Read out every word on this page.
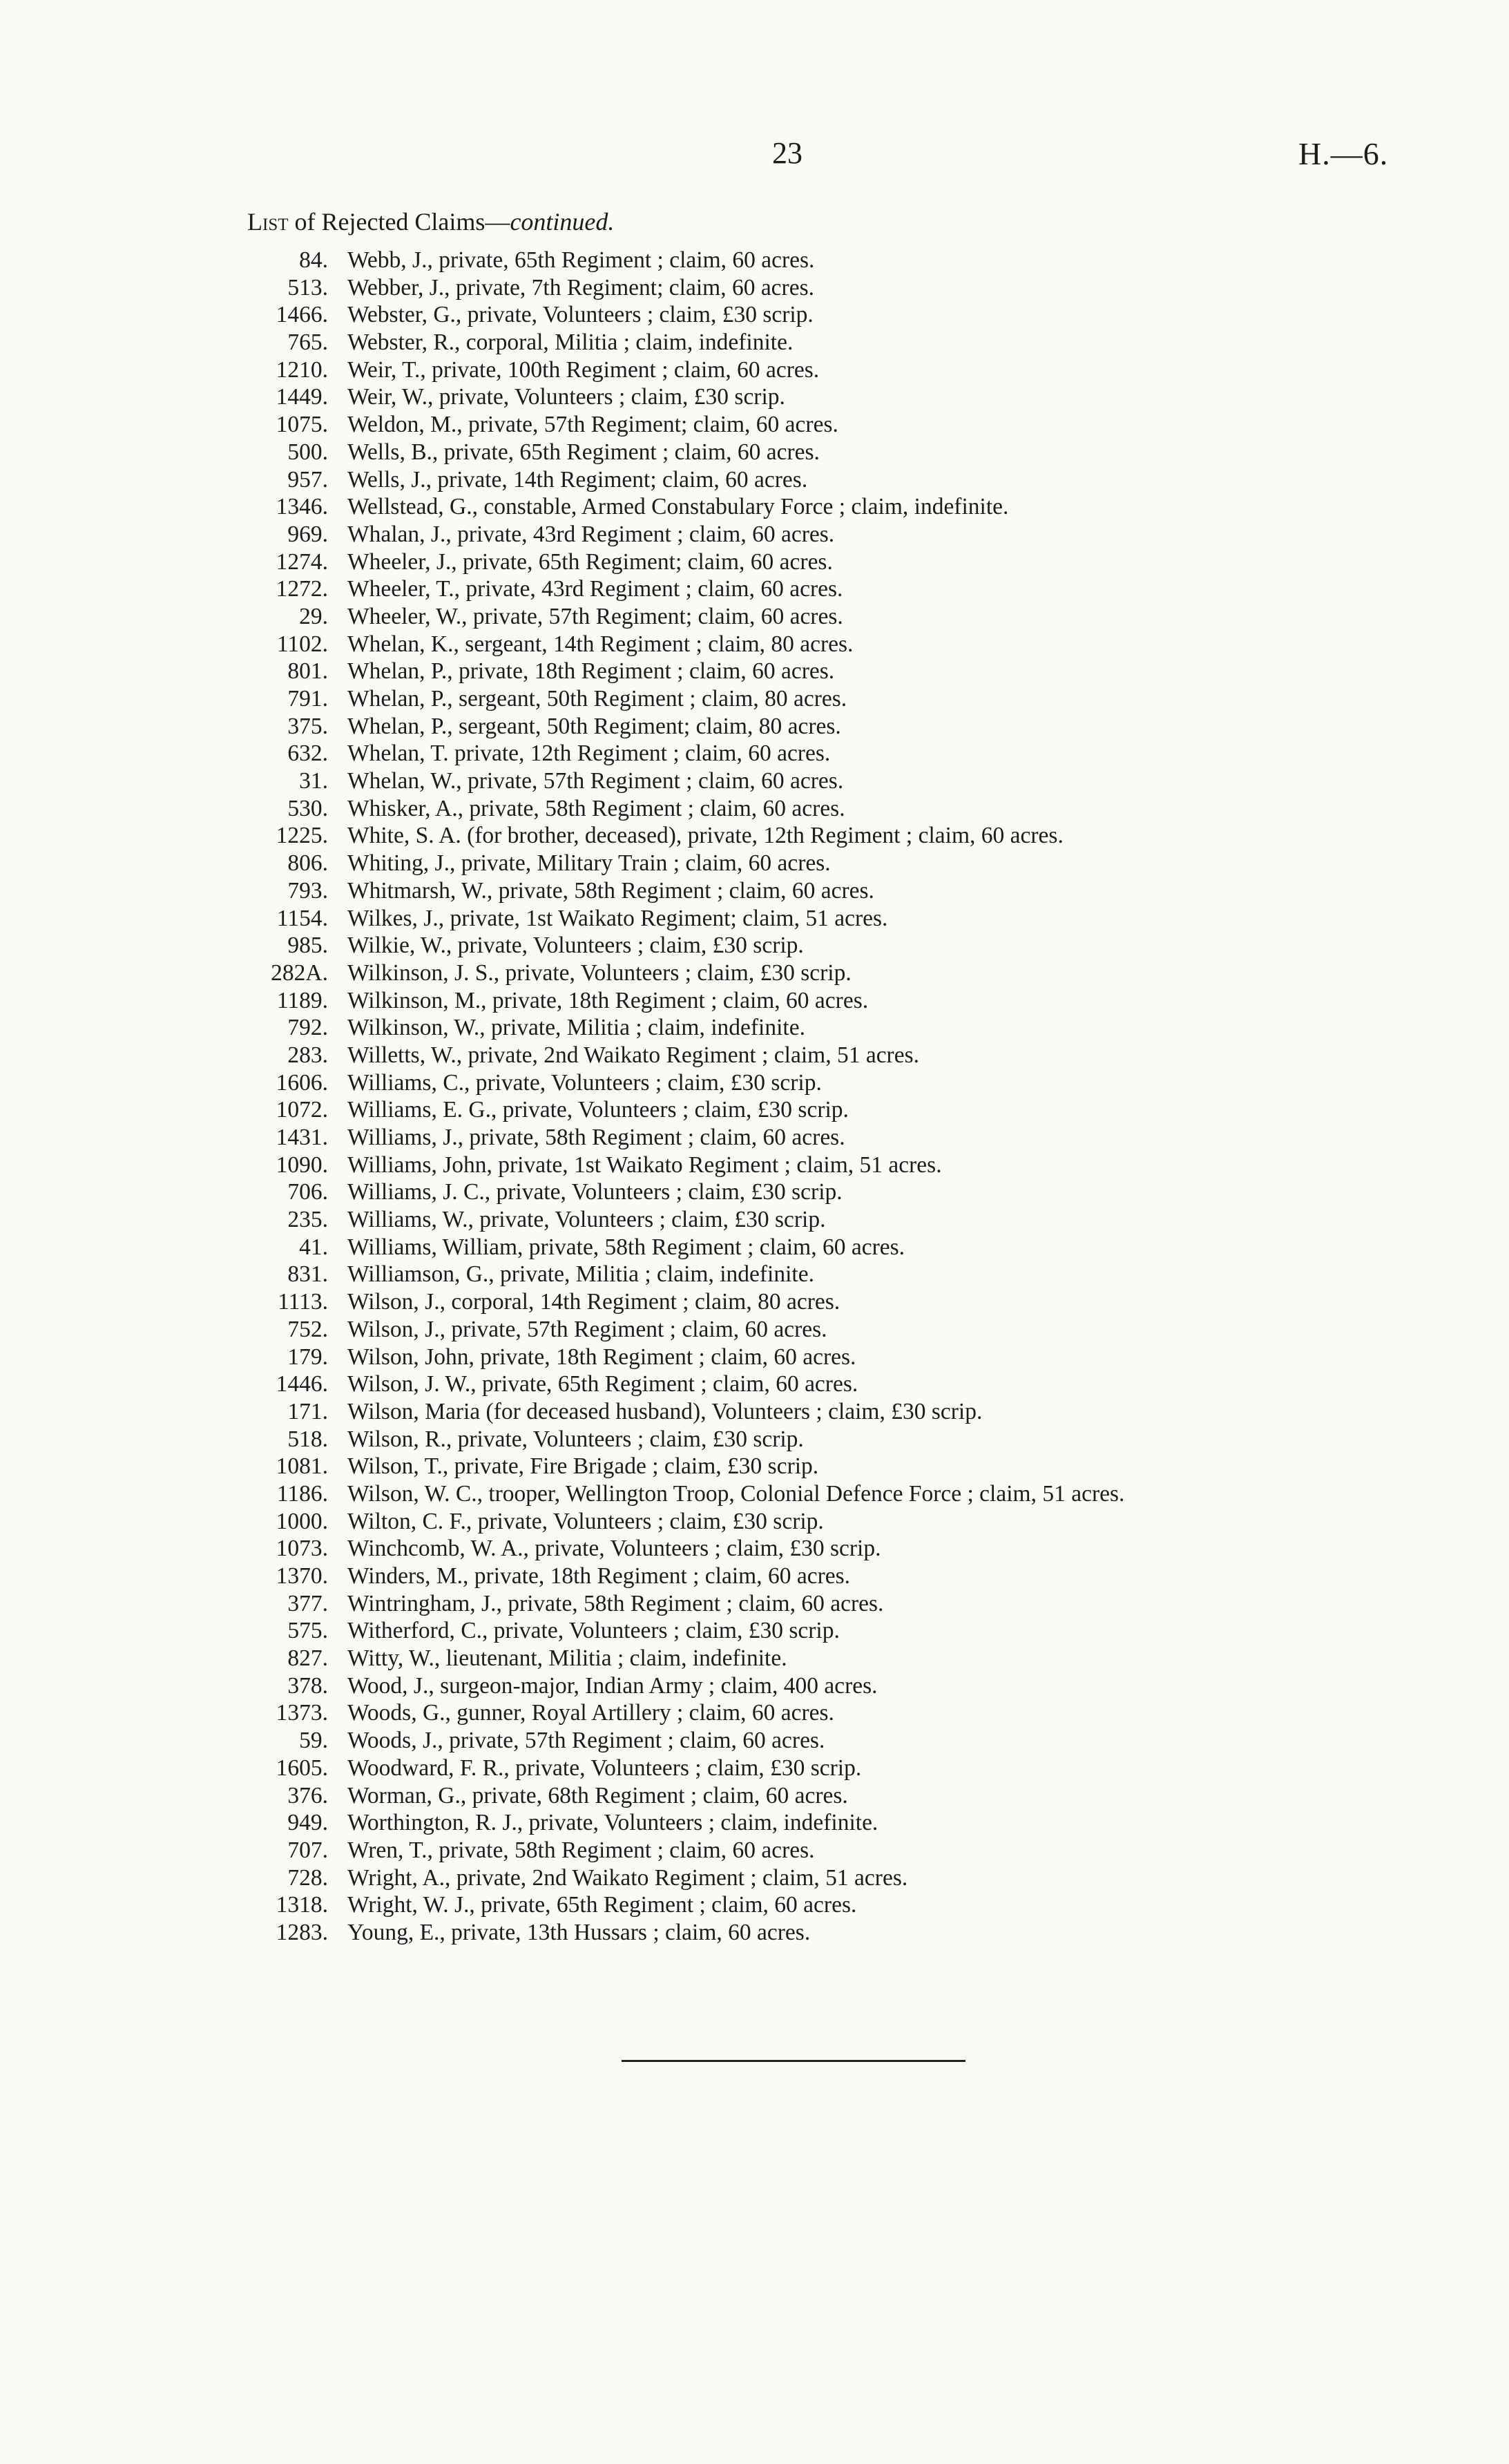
23	H.—6.
List of Rejected Claims—continued.
84. Webb, J., private, 65th Regiment ; claim, 60 acres.
513. Webber, J., private, 7th Regiment; claim, 60 acres.
1466. Webster, G., private, Volunteers ; claim, £30 scrip.
765. Webster, R., corporal, Militia ; claim, indefinite.
1210. Weir, T., private, 100th Regiment ; claim, 60 acres.
1449. Weir, W., private, Volunteers ; claim, £30 scrip.
1075. Weldon, M., private, 57th Regiment; claim, 60 acres.
500. Wells, B., private, 65th Regiment ; claim, 60 acres.
957. Wells, J., private, 14th Regiment; claim, 60 acres.
1346. Wellstead, G., constable, Armed Constabulary Force ; claim, indefinite.
969. Whalan, J., private, 43rd Regiment ; claim, 60 acres.
1274. Wheeler, J., private, 65th Regiment; claim, 60 acres.
1272. Wheeler, T., private, 43rd Regiment ; claim, 60 acres.
29. Wheeler, W., private, 57th Regiment; claim, 60 acres.
1102. Whelan, K., sergeant, 14th Regiment ; claim, 80 acres.
801. Whelan, P., private, 18th Regiment ; claim, 60 acres.
791. Whelan, P., sergeant, 50th Regiment ; claim, 80 acres.
375. Whelan, P., sergeant, 50th Regiment; claim, 80 acres.
632. Whelan, T. private, 12th Regiment ; claim, 60 acres.
31. Whelan, W., private, 57th Regiment ; claim, 60 acres.
530. Whisker, A., private, 58th Regiment ; claim, 60 acres.
1225. White, S. A. (for brother, deceased), private, 12th Regiment ; claim, 60 acres.
806. Whiting, J., private, Military Train ; claim, 60 acres.
793. Whitmarsh, W., private, 58th Regiment ; claim, 60 acres.
1154. Wilkes, J., private, 1st Waikato Regiment; claim, 51 acres.
985. Wilkie, W., private, Volunteers ; claim, £30 scrip.
282A. Wilkinson, J. S., private, Volunteers ; claim, £30 scrip.
1189. Wilkinson, M., private, 18th Regiment ; claim, 60 acres.
792. Wilkinson, W., private, Militia ; claim, indefinite.
283. Willetts, W., private, 2nd Waikato Regiment ; claim, 51 acres.
1606. Williams, C., private, Volunteers ; claim, £30 scrip.
1072. Williams, E. G., private, Volunteers ; claim, £30 scrip.
1431. Williams, J., private, 58th Regiment ; claim, 60 acres.
1090. Williams, John, private, 1st Waikato Regiment ; claim, 51 acres.
706. Williams, J. C., private, Volunteers ; claim, £30 scrip.
235. Williams, W., private, Volunteers ; claim, £30 scrip.
41. Williams, William, private, 58th Regiment ; claim, 60 acres.
831. Williamson, G., private, Militia ; claim, indefinite.
1113. Wilson, J., corporal, 14th Regiment ; claim, 80 acres.
752. Wilson, J., private, 57th Regiment ; claim, 60 acres.
179. Wilson, John, private, 18th Regiment ; claim, 60 acres.
1446. Wilson, J. W., private, 65th Regiment ; claim, 60 acres.
171. Wilson, Maria (for deceased husband), Volunteers ; claim, £30 scrip.
518. Wilson, R., private, Volunteers ; claim, £30 scrip.
1081. Wilson, T., private, Fire Brigade ; claim, £30 scrip.
1186. Wilson, W. C., trooper, Wellington Troop, Colonial Defence Force ; claim, 51 acres.
1000. Wilton, C. F., private, Volunteers ; claim, £30 scrip.
1073. Winchcomb, W. A., private, Volunteers ; claim, £30 scrip.
1370. Winders, M., private, 18th Regiment ; claim, 60 acres.
377. Wintringham, J., private, 58th Regiment ; claim, 60 acres.
575. Witherford, C., private, Volunteers ; claim, £30 scrip.
827. Witty, W., lieutenant, Militia ; claim, indefinite.
378. Wood, J., surgeon-major, Indian Army ; claim, 400 acres.
1373. Woods, G., gunner, Royal Artillery ; claim, 60 acres.
59. Woods, J., private, 57th Regiment ; claim, 60 acres.
1605. Woodward, F. R., private, Volunteers ; claim, £30 scrip.
376. Worman, G., private, 68th Regiment ; claim, 60 acres.
949. Worthington, R. J., private, Volunteers ; claim, indefinite.
707. Wren, T., private, 58th Regiment ; claim, 60 acres.
728. Wright, A., private, 2nd Waikato Regiment ; claim, 51 acres.
1318. Wright, W. J., private, 65th Regiment ; claim, 60 acres.
1283. Young, E., private, 13th Hussars ; claim, 60 acres.
